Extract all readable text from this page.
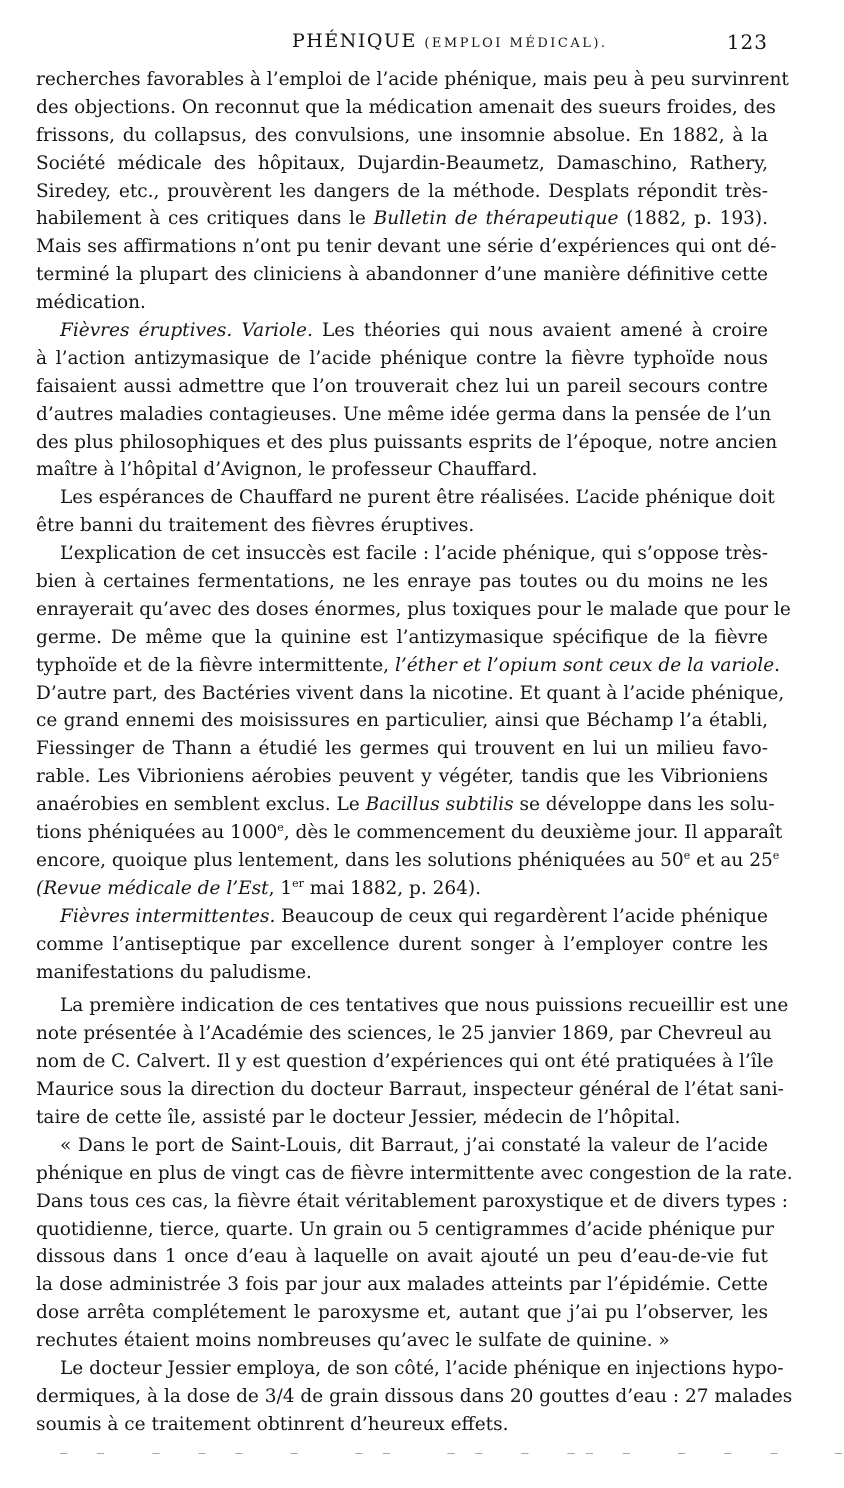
PHÉNIQUE (EMPLOI MÉDICAL).	123
recherches favorables à l’emploi de l’acide phénique, mais peu à peu survinrent
des objections. On reconnut que la médication amenait des sueurs froides, des
frissons, du collapsus, des convulsions, une insomnie absolue. En 1882, à la
Société médicale des hôpitaux, Dujardin-Beaumetz, Damaschino, Rathery,
Siredey, etc., prouvèrent les dangers de la méthode. Desplats répondit très-
habilement à ces critiques dans le Bulletin de thérapeutique (1882, p. 193).
Mais ses affirmations n’ont pu tenir devant une série d’expériences qui ont dé-
terminé la plupart des cliniciens à abandonner d’une manière définitive cette
médication.
Fièvres éruptives. Variole. Les théories qui nous avaient amené à croire
à l’action antizymasique de l’acide phénique contre la fièvre typhoïde nous
faisaient aussi admettre que l’on trouverait chez lui un pareil secours contre
d’autres maladies contagieuses. Une même idée germa dans la pensée de l’un
des plus philosophiques et des plus puissants esprits de l’époque, notre ancien
maître à l’hôpital d’Avignon, le professeur Chauffard.
Les espérances de Chauffard ne purent être réalisées. L’acide phénique doit
être banni du traitement des fièvres éruptives.
L’explication de cet insuccès est facile : l’acide phénique, qui s’oppose très-
bien à certaines fermentations, ne les enraye pas toutes ou du moins ne les
enrayerait qu’avec des doses énormes, plus toxiques pour le malade que pour le
germe. De même que la quinine est l’antizymasique spécifique de la fièvre
typhoïde et de la fièvre intermittente, l’éther et l’opium sont ceux de la variole.
D’autre part, des Bactéries vivent dans la nicotine. Et quant à l’acide phénique,
ce grand ennemi des moisissures en particulier, ainsi que Béchamp l’a établi,
Fiessinger de Thann a étudié les germes qui trouvent en lui un milieu favo-
rable. Les Vibrioniens aérobies peuvent y végéter, tandis que les Vibrioniens
anaérobies en semblent exclus. Le Bacillus subtilis se développe dans les solu-
tions phéniquées au 1000e, dès le commencement du deuxième jour. Il apparaît
encore, quoique plus lentement, dans les solutions phéniquées au 50e et au 25e
(Revue médicale de l’Est, 1er mai 1882, p. 264).
Fièvres intermittentes. Beaucoup de ceux qui regardèrent l’acide phénique
comme l’antiseptique par excellence durent songer à l’employer contre les
manifestations du paludisme.
La première indication de ces tentatives que nous puissions recueillir est une
note présentée à l’Académie des sciences, le 25 janvier 1869, par Chevreul au
nom de C. Calvert. Il y est question d’expériences qui ont été pratiquées à l’île
Maurice sous la direction du docteur Barraut, inspecteur général de l’état sani-
taire de cette île, assisté par le docteur Jessier, médecin de l’hôpital.
« Dans le port de Saint-Louis, dit Barraut, j’ai constaté la valeur de l’acide
phénique en plus de vingt cas de fièvre intermittente avec congestion de la rate.
Dans tous ces cas, la fièvre était véritablement paroxystique et de divers types :
quotidienne, tierce, quarte. Un grain ou 5 centigrammes d’acide phénique pur
dissous dans 1 once d’eau à laquelle on avait ajouté un peu d’eau-de-vie fut
la dose administrée 3 fois par jour aux malades atteints par l’épidémie. Cette
dose arrêta complétement le paroxysme et, autant que j’ai pu l’observer, les
rechutes étaient moins nombreuses qu’avec le sulfate de quinine. »
Le docteur Jessier employa, de son côté, l’acide phénique en injections hypo-
dermiques, à la dose de 3/4 de grain dissous dans 20 gouttes d’eau : 27 malades
soumis à ce traitement obtinrent d’heureux effets.
–   –     –    –   –     –      –  –      –  –    –    – –   –     –    –    –      –
